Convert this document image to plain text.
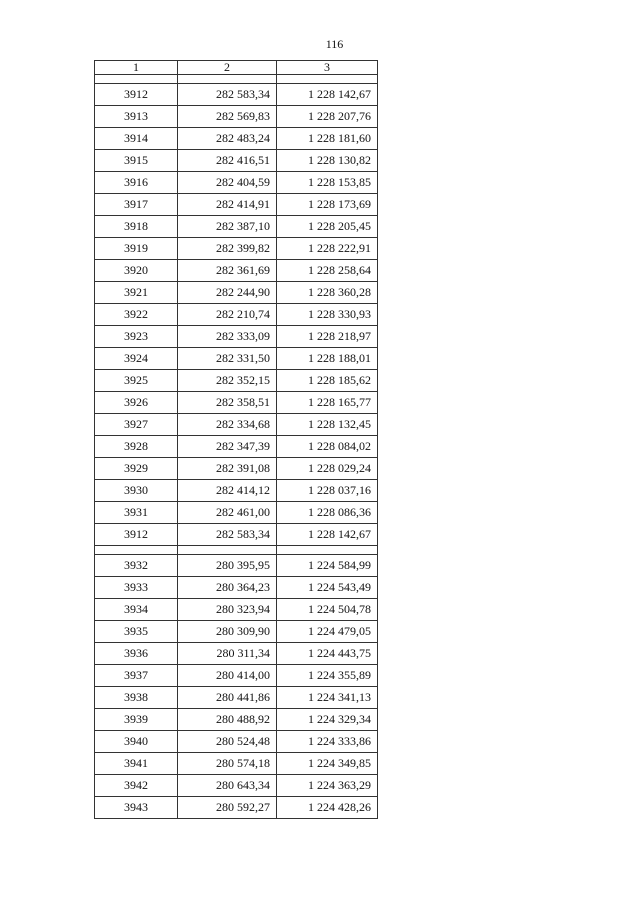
116
1	2	3

3912	282 583,34	1 228 142,67
3913	282 569,83	1 228 207,76
3914	282 483,24	1 228 181,60
3915	282 416,51	1 228 130,82
3916	282 404,59	1 228 153,85
3917	282 414,91	1 228 173,69
3918	282 387,10	1 228 205,45
3919	282 399,82	1 228 222,91
3920	282 361,69	1 228 258,64
3921	282 244,90	1 228 360,28
3922	282 210,74	1 228 330,93
3923	282 333,09	1 228 218,97
3924	282 331,50	1 228 188,01
3925	282 352,15	1 228 185,62
3926	282 358,51	1 228 165,77
3927	282 334,68	1 228 132,45
3928	282 347,39	1 228 084,02
3929	282 391,08	1 228 029,24
3930	282 414,12	1 228 037,16
3931	282 461,00	1 228 086,36
3912	282 583,34	1 228 142,67

3932	280 395,95	1 224 584,99
3933	280 364,23	1 224 543,49
3934	280 323,94	1 224 504,78
3935	280 309,90	1 224 479,05
3936	280 311,34	1 224 443,75
3937	280 414,00	1 224 355,89
3938	280 441,86	1 224 341,13
3939	280 488,92	1 224 329,34
3940	280 524,48	1 224 333,86
3941	280 574,18	1 224 349,85
3942	280 643,34	1 224 363,29
3943	280 592,27	1 224 428,26
